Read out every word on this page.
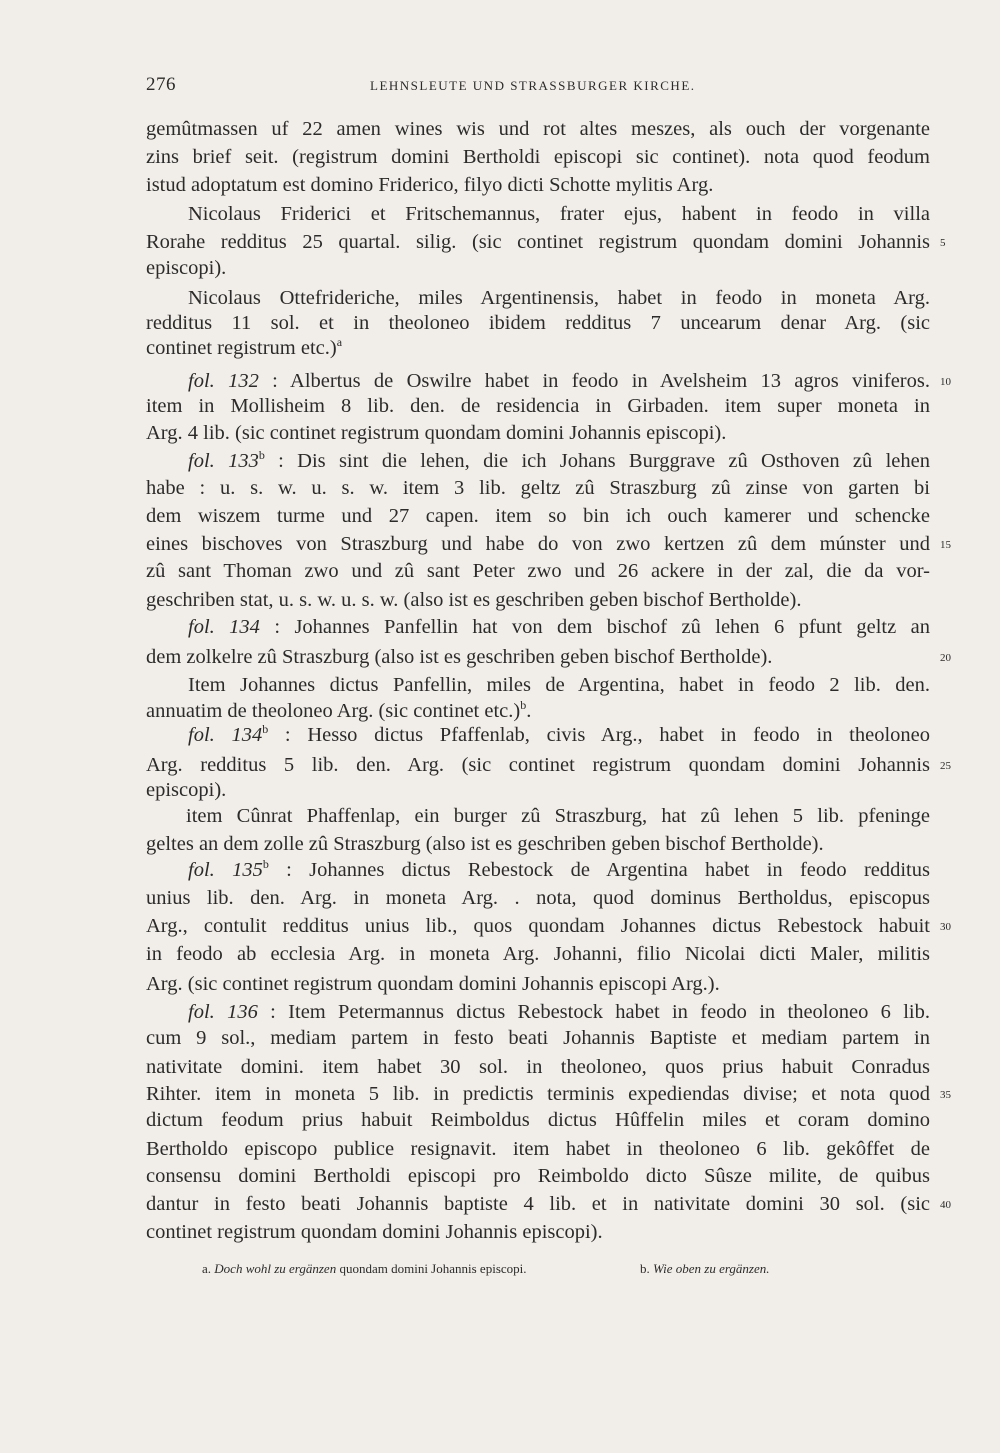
276	LEHNSLEUTE UND STRASSBURGER KIRCHE.
gemûtmassen uf 22 amen wines wis und rot altes meszes, als ouch der vorgenante
zins brief seit. (registrum domini Bertholdi episcopi sic continet). nota quod feodum
istud adoptatum est domino Friderico, filyo dicti Schotte mylitis Arg.
Nicolaus Friderici et Fritschemannus, frater ejus, habent in feodo in villa
Rorahe redditus 25 quartal. silig. (sic continet registrum quondam domini Johannis
episcopi).
Nicolaus Ottefrideriche, miles Argentinensis, habet in feodo in moneta Arg.
redditus 11 sol. et in theoloneo ibidem redditus 7 uncearum denar Arg. (sic
continet registrum etc.)$^a$
fol. 132 : Albertus de Oswilre habet in feodo in Avelsheim 13 agros viniferos.
item in Mollisheim 8 lib. den. de residencia in Girbaden. item super moneta in
Arg. 4 lib. (sic continet registrum quondam domini Johannis episcopi).
fol. 133$^b$ : Dis sint die lehen, die ich Johans Burggrave zû Osthoven zû lehen
habe : u. s. w. u. s. w. item 3 lib. geltz zû Straszburg zû zinse von garten bi
dem wiszem turme und 27 capen. item so bin ich ouch kamerer und schencke
eines bischoves von Straszburg und habe do von zwo kertzen zû dem múnster und
zû sant Thoman zwo und zû sant Peter zwo und 26 ackere in der zal, die da vor-
geschriben stat, u. s. w. u. s. w. (also ist es geschriben geben bischof Bertholde).
fol. 134 : Johannes Panfellin hat von dem bischof zû lehen 6 pfunt geltz an
dem zolkelre zû Straszburg (also ist es geschriben geben bischof Bertholde).
Item Johannes dictus Panfellin, miles de Argentina, habet in feodo 2 lib. den.
annuatim de theoloneo Arg. (sic continet etc.)$^b$.
fol. 134$^b$ : Hesso dictus Pfaffenlab, civis Arg., habet in feodo in theoloneo
Arg. redditus 5 lib. den. Arg. (sic continet registrum quondam domini Johannis
episcopi).
item Cûnrat Phaffenlap, ein burger zû Straszburg, hat zû lehen 5 lib. pfeninge
geltes an dem zolle zû Straszburg (also ist es geschriben geben bischof Bertholde).
fol. 135$^b$ : Johannes dictus Rebestock de Argentina habet in feodo redditus
unius lib. den. Arg. in moneta Arg. . nota, quod dominus Bertholdus, episcopus
Arg., contulit redditus unius lib., quos quondam Johannes dictus Rebestock habuit
in feodo ab ecclesia Arg. in moneta Arg. Johanni, filio Nicolai dicti Maler, militis
Arg. (sic continet registrum quondam domini Johannis episcopi Arg.).
fol. 136 : Item Petermannus dictus Rebestock habet in feodo in theoloneo 6 lib.
cum 9 sol., mediam partem in festo beati Johannis Baptiste et mediam partem in
nativitate domini. item habet 30 sol. in theoloneo, quos prius habuit Conradus
Rihter. item in moneta 5 lib. in predictis terminis expediendas divise; et nota quod
dictum feodum prius habuit Reimboldus dictus Hûffelin miles et coram domino
Bertholdo episcopo publice resignavit. item habet in theoloneo 6 lib. gekôffet de
consensu domini Bertholdi episcopi pro Reimboldo dicto Sûsze milite, de quibus
dantur in festo beati Johannis baptiste 4 lib. et in nativitate domini 30 sol. (sic
continet registrum quondam domini Johannis episcopi).
5
10
15
20
25
30
35
40
a. Doch wohl zu ergänzen quondam domini Johannis episcopi.	b. Wie oben zu ergänzen.
